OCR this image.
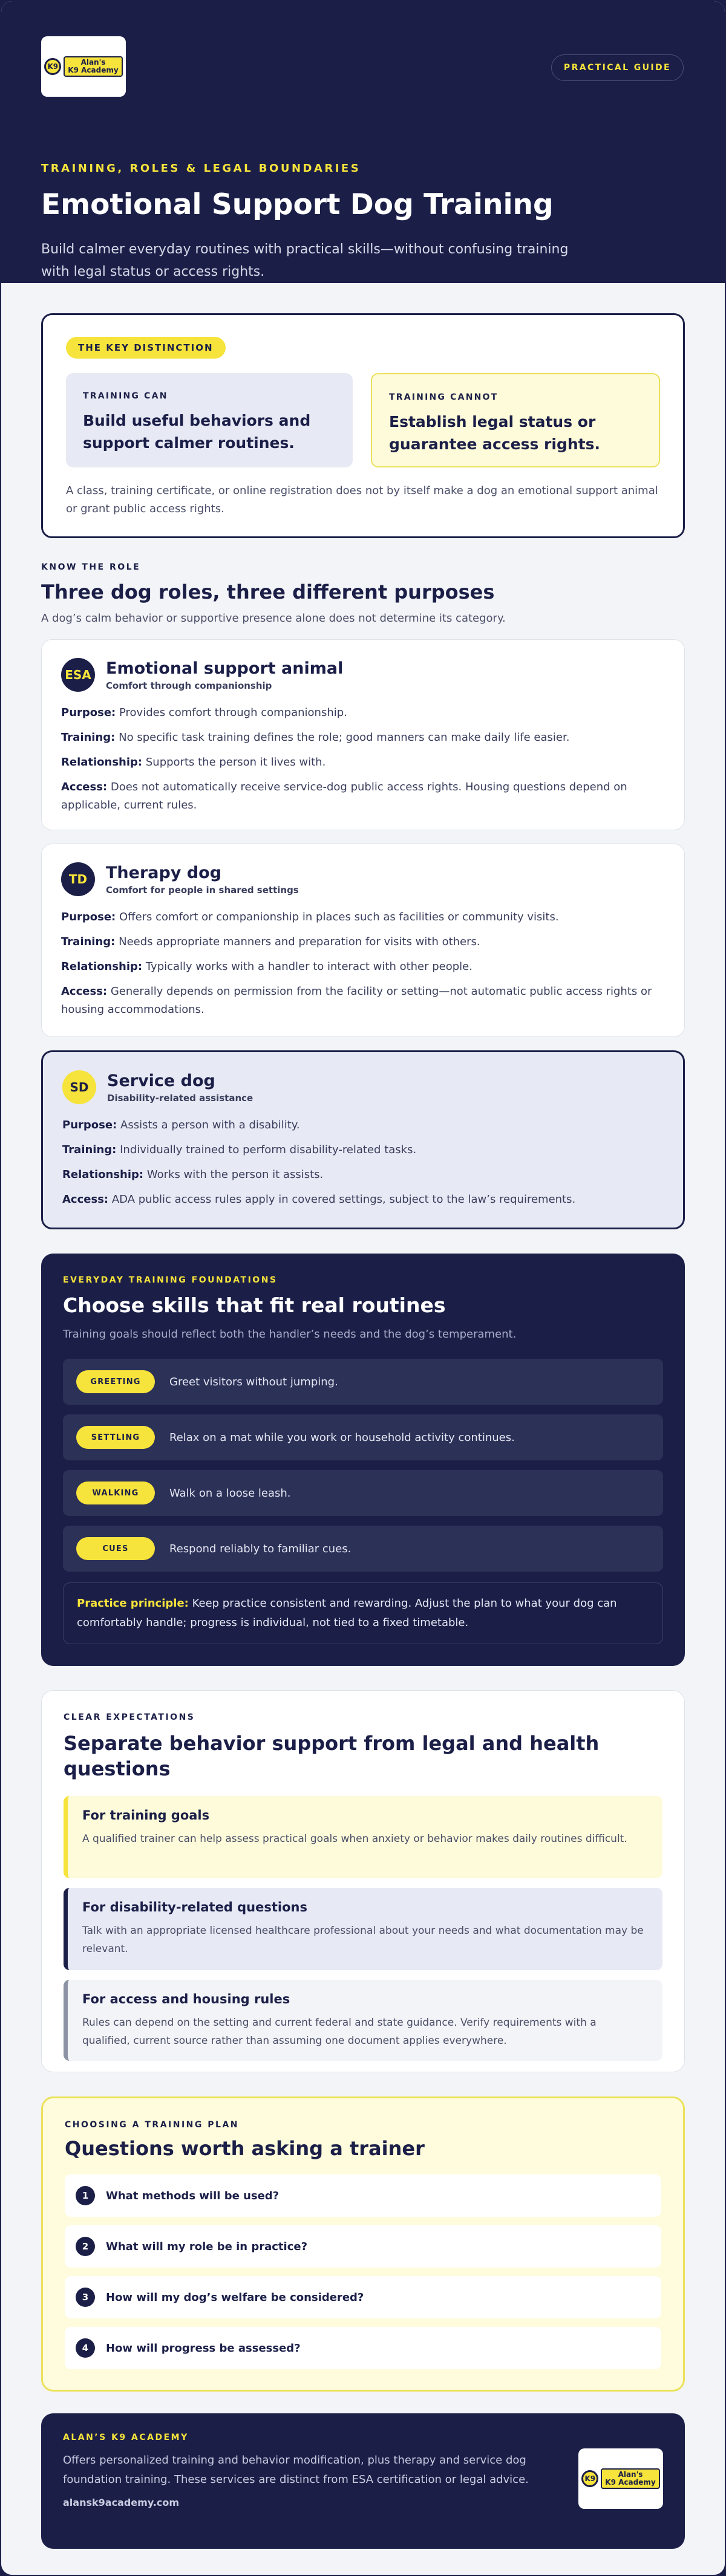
K9	Alan's
K9 Academy	PRACTICAL GUIDE
TRAINING, ROLES & LEGAL BOUNDARIES
Emotional Support Dog Training

Build calmer everyday routines with practical skills—without confusing training with legal status or access rights.

THE KEY DISTINCTION
TRAINING CAN
Build useful behaviors and support calmer routines.
TRAINING CANNOT
Establish legal status or guarantee access rights.

A class, training certificate, or online registration does not by itself make a dog an emotional support animal or grant public access rights.

KNOW THE ROLE
Three dog roles, three different purposes

A dog’s calm behavior or supportive presence alone does not determine its category.

ESA Emotional support animal
Comfort through companionship
Purpose: Provides comfort through companionship.
Training: No specific task training defines the role; good manners can make daily life easier.
Relationship: Supports the person it lives with.
Access: Does not automatically receive service-dog public access rights. Housing questions depend on applicable, current rules.
TD	Therapy dog
Comfort for people in shared settings
Purpose: Offers comfort or companionship in places such as facilities or community visits.
Training: Needs appropriate manners and preparation for visits with others.
Relationship: Typically works with a handler to interact with other people.
Access: Generally depends on permission from the facility or setting—not automatic public access rights or housing accommodations.
SD	Service dog
Disability-related assistance
Purpose: Assists a person with a disability.
Training: Individually trained to perform disability-related tasks.
Relationship: Works with the person it assists.
Access: ADA public access rules apply in covered settings, subject to the law’s requirements.
EVERYDAY TRAINING FOUNDATIONS
Choose skills that fit real routines

Training goals should reflect both the handler’s needs and the dog’s temperament.

GREETING	Greet visitors without jumping.
SETTLING	Relax on a mat while you work or household activity continues.
WALKING	Walk on a loose leash.
CUES	Respond reliably to familiar cues.
Practice principle: Keep practice consistent and rewarding. Adjust the plan to what your dog can comfortably handle; progress is individual, not tied to a fixed timetable.
CLEAR EXPECTATIONS
Separate behavior support from legal and health questions
For training goals
A qualified trainer can help assess practical goals when anxiety or behavior makes daily routines difficult.
For disability-related questions
Talk with an appropriate licensed healthcare professional about your needs and what documentation may be relevant.
For access and housing rules
Rules can depend on the setting and current federal and state guidance. Verify requirements with a qualified, current source rather than assuming one document applies everywhere.
CHOOSING A TRAINING PLAN
Questions worth asking a trainer
1	What methods will be used?
2	What will my role be in practice?
3	How will my dog’s welfare be considered?
4	How will progress be assessed?
ALAN’S K9 ACADEMY

Offers personalized training and behavior modification, plus therapy and service dog foundation training. These services are distinct from ESA certification or legal advice.

alansk9academy.com
K9	Alan's
K9 Academy
